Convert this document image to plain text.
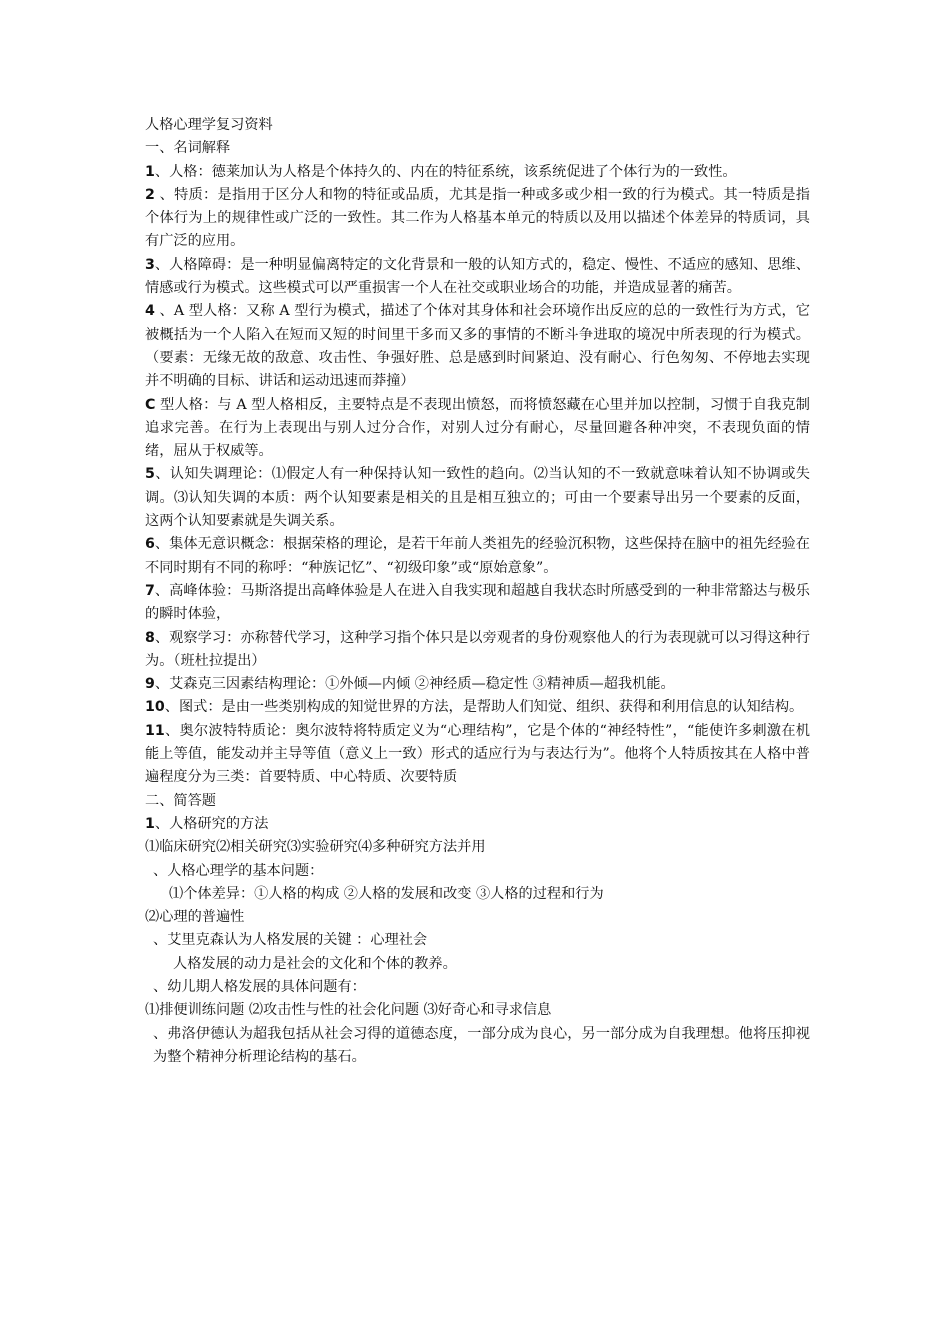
人格心理学复习资料
一、名词解释
1、人格：德莱加认为人格是个体持久的、内在的特征系统，该系统促进了个体行为的一致性。
2 、特质：是指用于区分人和物的特征或品质，尤其是指一种或多或少相一致的行为模式。其一特质是指个体行为上的规律性或广泛的一致性。其二作为人格基本单元的特质以及用以描述个体差异的特质词，具有广泛的应用。
3、人格障碍：是一种明显偏离特定的文化背景和一般的认知方式的，稳定、慢性、不适应的感知、思维、情感或行为模式。这些模式可以严重损害一个人在社交或职业场合的功能，并造成显著的痛苦。
4 、A 型人格：又称 A 型行为模式，描述了个体对其身体和社会环境作出反应的总的一致性行为方式，它被概括为一个人陷入在短而又短的时间里干多而又多的事情的不断斗争进取的境况中所表现的行为模式。（要素：无缘无故的敌意、攻击性、争强好胜、总是感到时间紧迫、没有耐心、行色匆匆、不停地去实现并不明确的目标、讲话和运动迅速而莽撞）
C 型人格：与 A 型人格相反，主要特点是不表现出愤怒，而将愤怒藏在心里并加以控制，习惯于自我克制追求完善。在行为上表现出与别人过分合作，对别人过分有耐心，尽量回避各种冲突，不表现负面的情绪，屈从于权威等。
5、认知失调理论：⑴假定人有一种保持认知一致性的趋向。⑵当认知的不一致就意味着认知不协调或失调。⑶认知失调的本质：两个认知要素是相关的且是相互独立的；可由一个要素导出另一个要素的反面，这两个认知要素就是失调关系。
6、集体无意识概念：根据荣格的理论，是若干年前人类祖先的经验沉积物，这些保持在脑中的祖先经验在不同时期有不同的称呼：“种族记忆”、“初级印象”或“原始意象”。
7、高峰体验：马斯洛提出高峰体验是人在进入自我实现和超越自我状态时所感受到的一种非常豁达与极乐的瞬时体验，
8、观察学习：亦称替代学习，这种学习指个体只是以旁观者的身份观察他人的行为表现就可以习得这种行为。（班杜拉提出）
9、艾森克三因素结构理论：①外倾—内倾 ②神经质—稳定性 ③精神质—超我机能。
10、图式：是由一些类别构成的知觉世界的方法，是帮助人们知觉、组织、获得和利用信息的认知结构。
11、奥尔波特特质论：奥尔波特将特质定义为“心理结构”，它是个体的“神经特性”，“能使许多刺激在机能上等值，能发动并主导等值（意义上一致）形式的适应行为与表达行为”。他将个人特质按其在人格中普遍程度分为三类：首要特质、中心特质、次要特质
二、简答题
1、人格研究的方法
⑴临床研究⑵相关研究⑶实验研究⑷多种研究方法并用
、人格心理学的基本问题：
⑴个体差异：①人格的构成 ②人格的发展和改变 ③人格的过程和行为
⑵心理的普遍性
、艾里克森认为人格发展的关键 ：心理社会
人格发展的动力是社会的文化和个体的教养。
、幼儿期人格发展的具体问题有：
⑴排便训练问题 ⑵攻击性与性的社会化问题 ⑶好奇心和寻求信息
、弗洛伊德认为超我包括从社会习得的道德态度，一部分成为良心，另一部分成为自我理想。他将压抑视为整个精神分析理论结构的基石。
